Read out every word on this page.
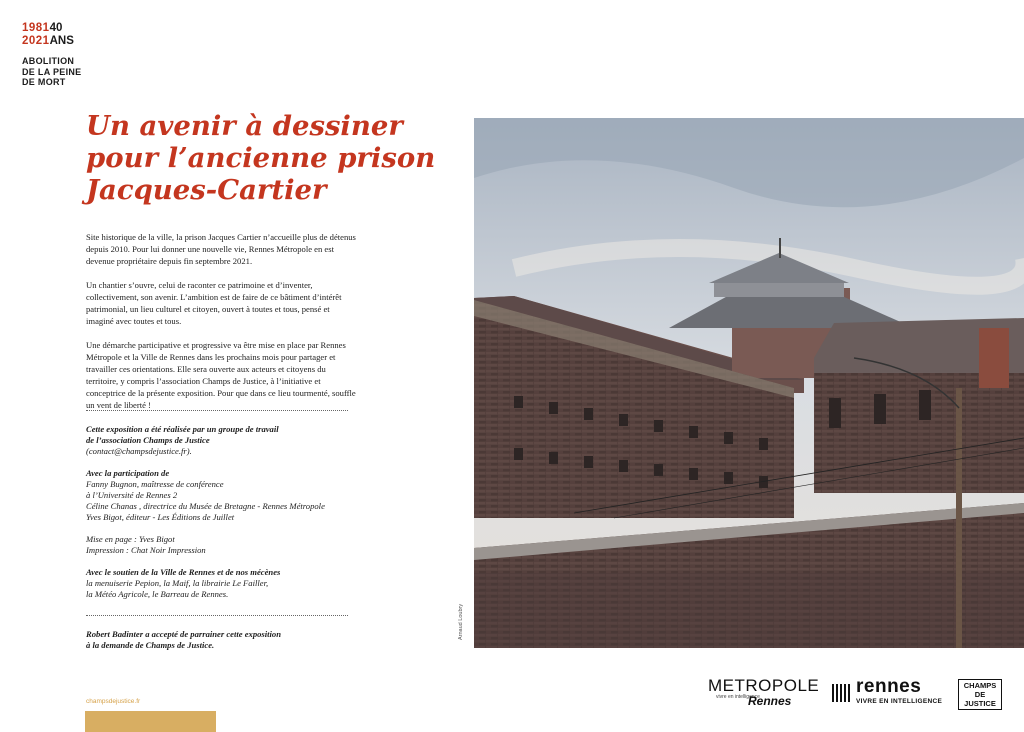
1981
2021
40
ANS
ABOLITION
DE LA PEINE
DE MORT
Un avenir à dessiner
pour l’ancienne prison
Jacques-Cartier

Site historique de la ville, la prison Jacques Cartier n’accueille plus de détenus depuis 2010. Pour lui donner une nouvelle vie, Rennes Métropole en est devenue propriétaire depuis fin septembre 2021.

Un chantier s’ouvre, celui de raconter ce patrimoine et d’inventer, collectivement, son avenir. L’ambition est de faire de ce bâtiment d’intérêt patrimonial, un lieu culturel et citoyen, ouvert à toutes et tous, pensé et imaginé avec toutes et tous.

Une démarche participative et progressive va être mise en place par Rennes Métropole et la Ville de Rennes dans les prochains mois pour partager et travailler ces orientations. Elle sera ouverte aux acteurs et citoyens du territoire, y compris l’association Champs de Justice, à l’initiative et conceptrice de la présente exposition. Pour que dans ce lieu tourmenté, souffle un vent de liberté !

Cette exposition a été réalisée par un groupe de travail
de l’association Champs de Justice
(contact@champsdejustice.fr).
Avec la participation de
Fanny Bugnon, maîtresse de conférence
à l’Université de Rennes 2
Céline Chanas , directrice du Musée de Bretagne - Rennes Métropole
Yves Bigot, éditeur - Les Éditions de Juillet
Mise en page : Yves Bigot
Impression : Chat Noir Impression
Avec le soutien de la Ville de Rennes et de nos mécènes
la menuiserie Pepion, la Maif, la librairie Le Failler,
la Météo Agricole, le Barreau de Rennes.
Robert Badinter a accepté de parrainer cette exposition
à la demande de Champs de Justice.
champsdejustice.fr
Arnaud Loubry
METROPOLE
vivre en intelligence
Rennes
rennes
VIVRE EN INTELLIGENCE
CHAMPS
DE
JUSTICE
